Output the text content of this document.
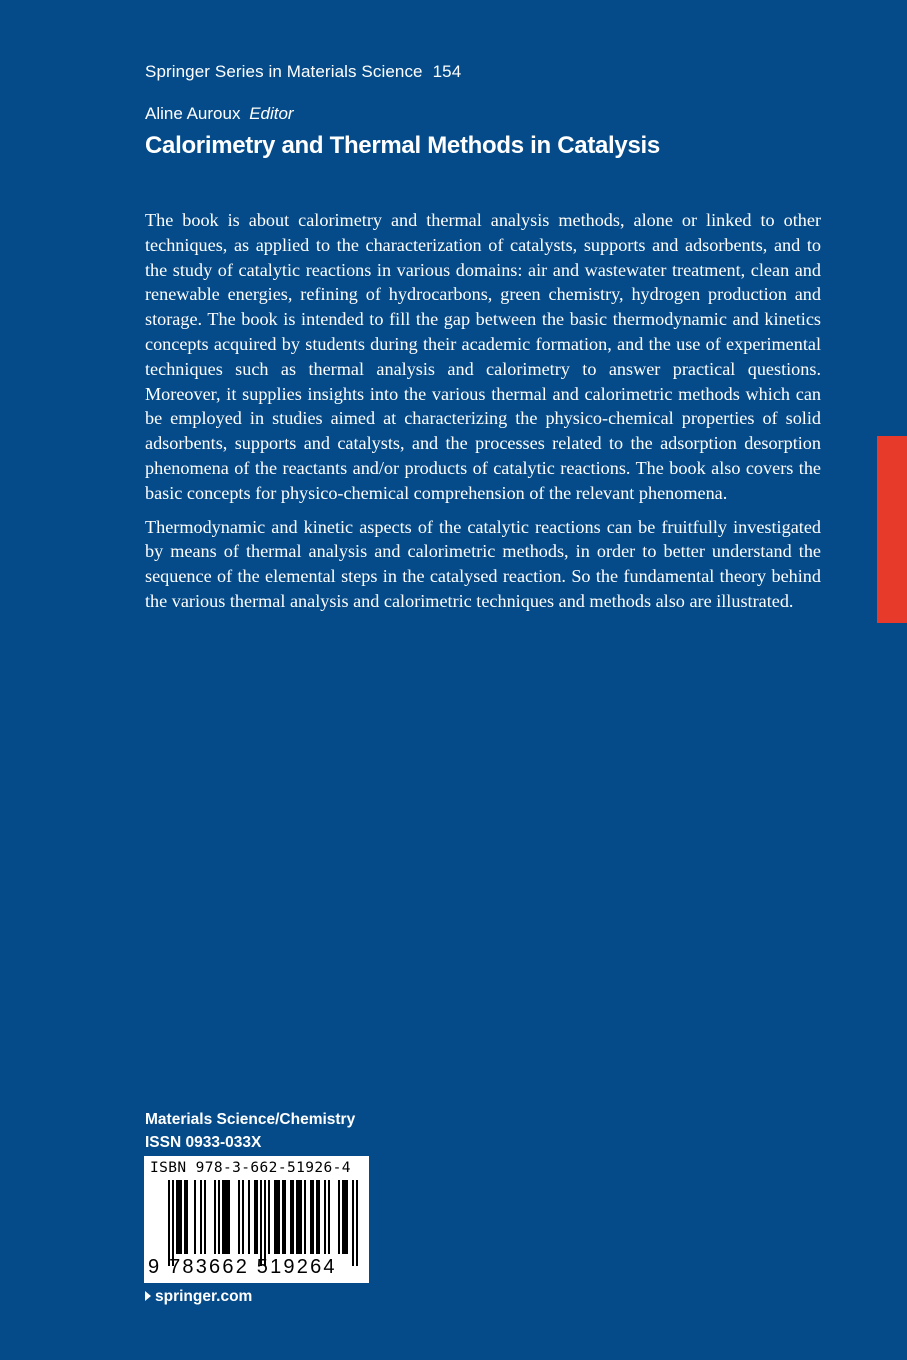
Springer Series in Materials Science 154
Aline Auroux Editor
Calorimetry and Thermal Methods in Catalysis

The book is about calorimetry and thermal analysis methods, alone or linked to other techniques, as applied to the characterization of catalysts, supports and adsorbents, and to the study of catalytic reactions in various domains: air and wastewater treatment, clean and renewable energies, refining of hydrocarbons, green chemistry, hydrogen production and storage. The book is intended to fill the gap between the basic thermodynamic and kinetics concepts acquired by students during their academic formation, and the use of experimental techniques such as thermal analysis and calorimetry to answer practical questions. Moreover, it supplies insights into the various thermal and calorimetric methods which can be employed in studies aimed at characterizing the physico-chemical properties of solid adsorbents, supports and catalysts, and the processes related to the adsorption desorption phenomena of the reactants and/or products of catalytic reactions. The book also covers the basic concepts for physico-chemical comprehension of the relevant phenomena.

Thermodynamic and kinetic aspects of the catalytic reactions can be fruitfully investigated by means of thermal analysis and calorimetric methods, in order to better understand the sequence of the elemental steps in the catalysed reaction. So the fundamental theory behind the various thermal analysis and calorimetric techniques and methods also are illustrated.

Materials Science/Chemistry
ISSN 0933-033X
ISBN 978-3-662-51926-4
9 783662 519264
springer.com
